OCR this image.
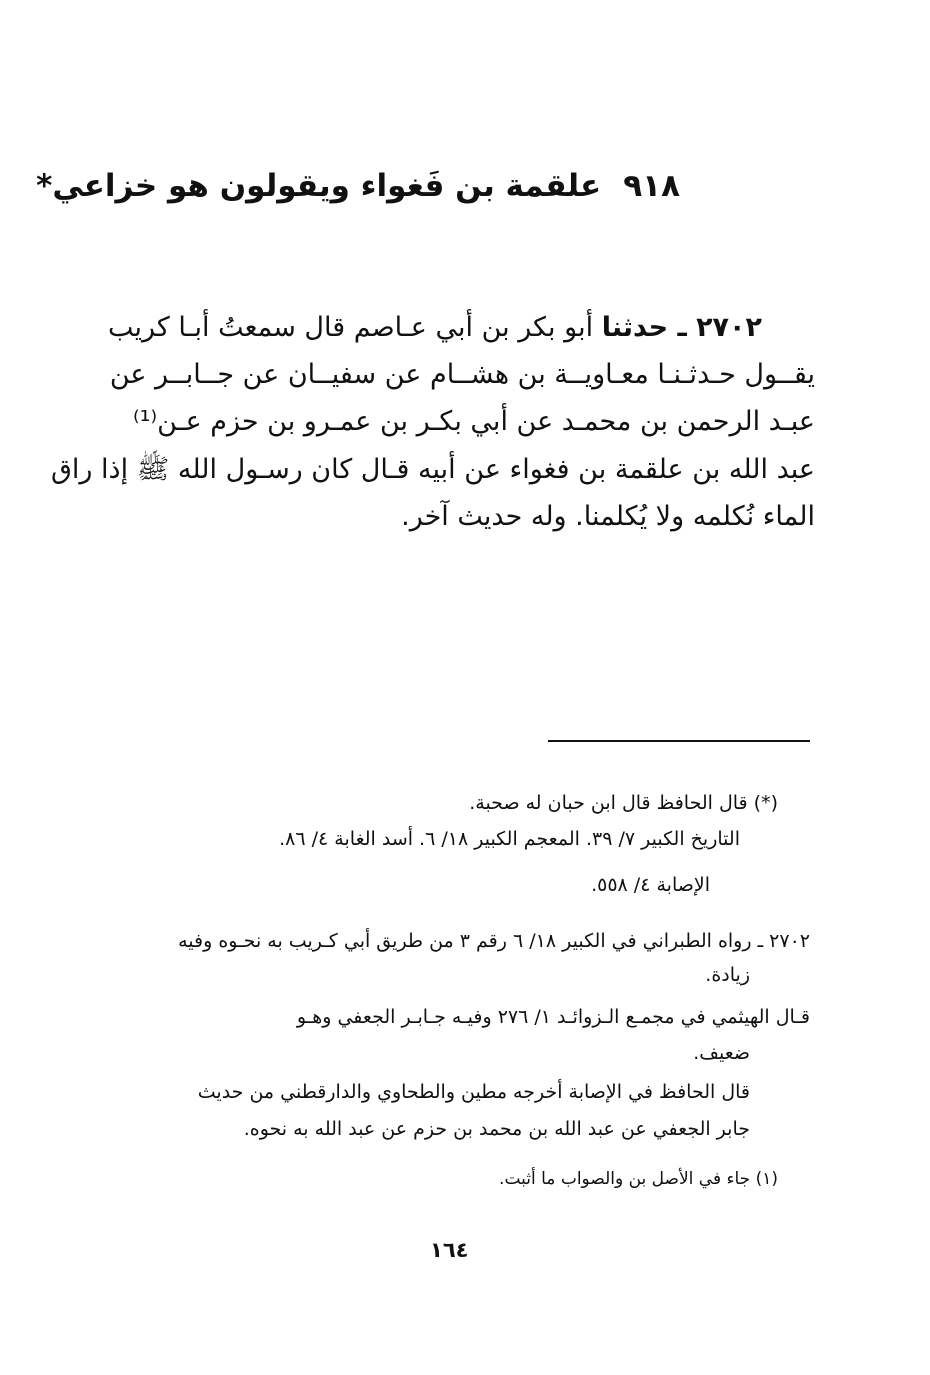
٩١٨علقمة بن فَغواء ويقولون هو خزاعي*
٢٧٠٢ ـ حدثنا أبو بكر بن أبي عـاصم قال سمعتُ أبـا كريب
يقــول حـدثـنـا معـاويــة بن هشــام عن سفيــان عن جــابــر عن
عبـد الرحمن بن محمـد عن أبي بكـر بن عمـرو بن حزم عـن⁽¹⁾
عبد الله بن علقمة بن فغواء عن أبيه قـال كان رسـول الله ﷺ إذا راق
الماء نُكلمه ولا يُكلمنا. وله حديث آخر.
(*) قال الحافظ قال ابن حبان له صحبة.
التاريخ الكبير ٧/ ٣٩. المعجم الكبير ١٨/ ٦. أسد الغابة ٤/ ٨٦.
الإصابة ٤/ ٥٥٨.
٢٧٠٢ ـ رواه الطبراني في الكبير ١٨/ ٦ رقم ٣ من طريق أبي كـريب به نحـوه وفيه
زيادة.
قـال الهيثمي في مجمـع الـزوائـد ١/ ٢٧٦ وفيـه جـابـر الجعفي وهـو
ضعيف.
قال الحافظ في الإصابة أخرجه مطين والطحاوي والدارقطني من حديث
جابر الجعفي عن عبد الله بن محمد بن حزم عن عبد الله به نحوه.
(١) جاء في الأصل بن والصواب ما أثبت.
١٦٤
